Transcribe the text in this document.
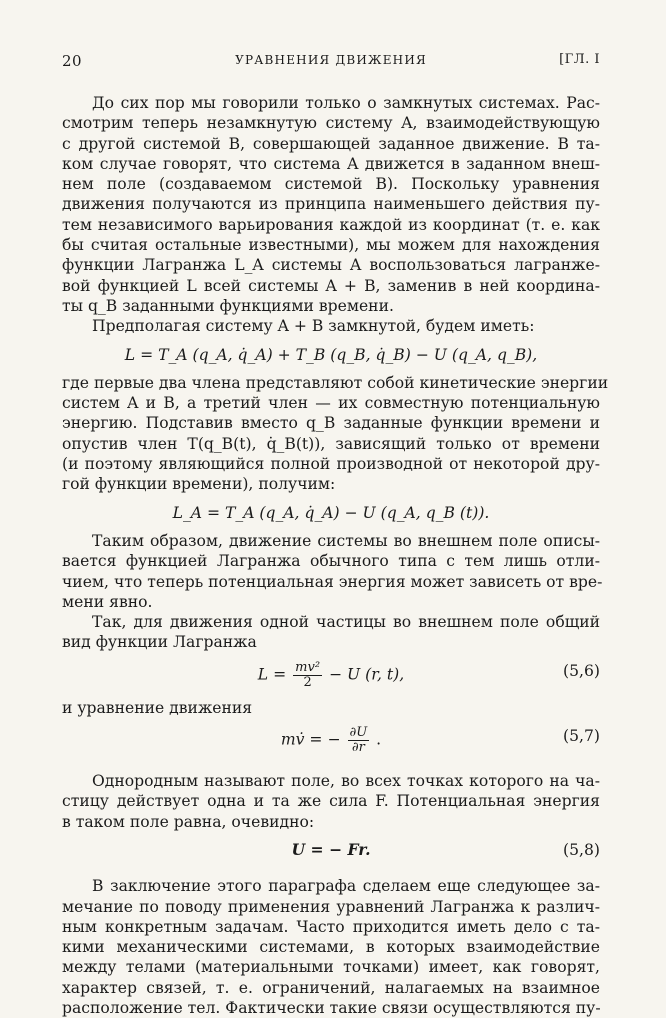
20	УРАВНЕНИЯ ДВИЖЕНИЯ	[ГЛ. I
До сих пор мы говорили только о замкнутых системах. Рас-
смотрим теперь незамкнутую систему A, взаимодействующую
с другой системой B, совершающей заданное движение. В та-
ком случае говорят, что система A движется в заданном внеш-
нем поле (создаваемом системой B). Поскольку уравнения
движения получаются из принципа наименьшего действия пу-
тем независимого варьирования каждой из координат (т. е. как
бы считая остальные известными), мы можем для нахождения
функции Лагранжа L_A системы A воспользоваться лагранже-
вой функцией L всей системы A + B, заменив в ней координа-
ты q_B заданными функциями времени.
Предполагая систему A + B замкнутой, будем иметь:
L = T_A (q_A, q̇_A) + T_B (q_B, q̇_B) − U (q_A, q_B),
где первые два члена представляют собой кинетические энергии
систем A и B, а третий член — их совместную потенциальную
энергию. Подставив вместо q_B заданные функции времени и
опустив член T(q_B(t), q̇_B(t)), зависящий только от времени
(и поэтому являющийся полной производной от некоторой дру-
гой функции времени), получим:
L_A = T_A (q_A, q̇_A) − U (q_A, q_B (t)).
Таким образом, движение системы во внешнем поле описы-
вается функцией Лагранжа обычного типа с тем лишь отли-
чием, что теперь потенциальная энергия может зависеть от вре-
мени явно.
Так, для движения одной частицы во внешнем поле общий
вид функции Лагранжа
$L = \frac{\text{mv²}}{2} - U$ (r, t),	(5,6)
и уравнение движения
mv̇ = − $\frac{\partial U}{\partial r}$ .	(5,7)
Однородным называют поле, во всех точках которого на ча-
стицу действует одна и та же сила F. Потенциальная энергия
в таком поле равна, очевидно:
U = − Fr.	(5,8)
В заключение этого параграфа сделаем еще следующее за-
мечание по поводу применения уравнений Лагранжа к различ-
ным конкретным задачам. Часто приходится иметь дело с та-
кими механическими системами, в которых взаимодействие
между телами (материальными точками) имеет, как говорят,
характер связей, т. е. ограничений, налагаемых на взаимное
расположение тел. Фактически такие связи осуществляются пу-
